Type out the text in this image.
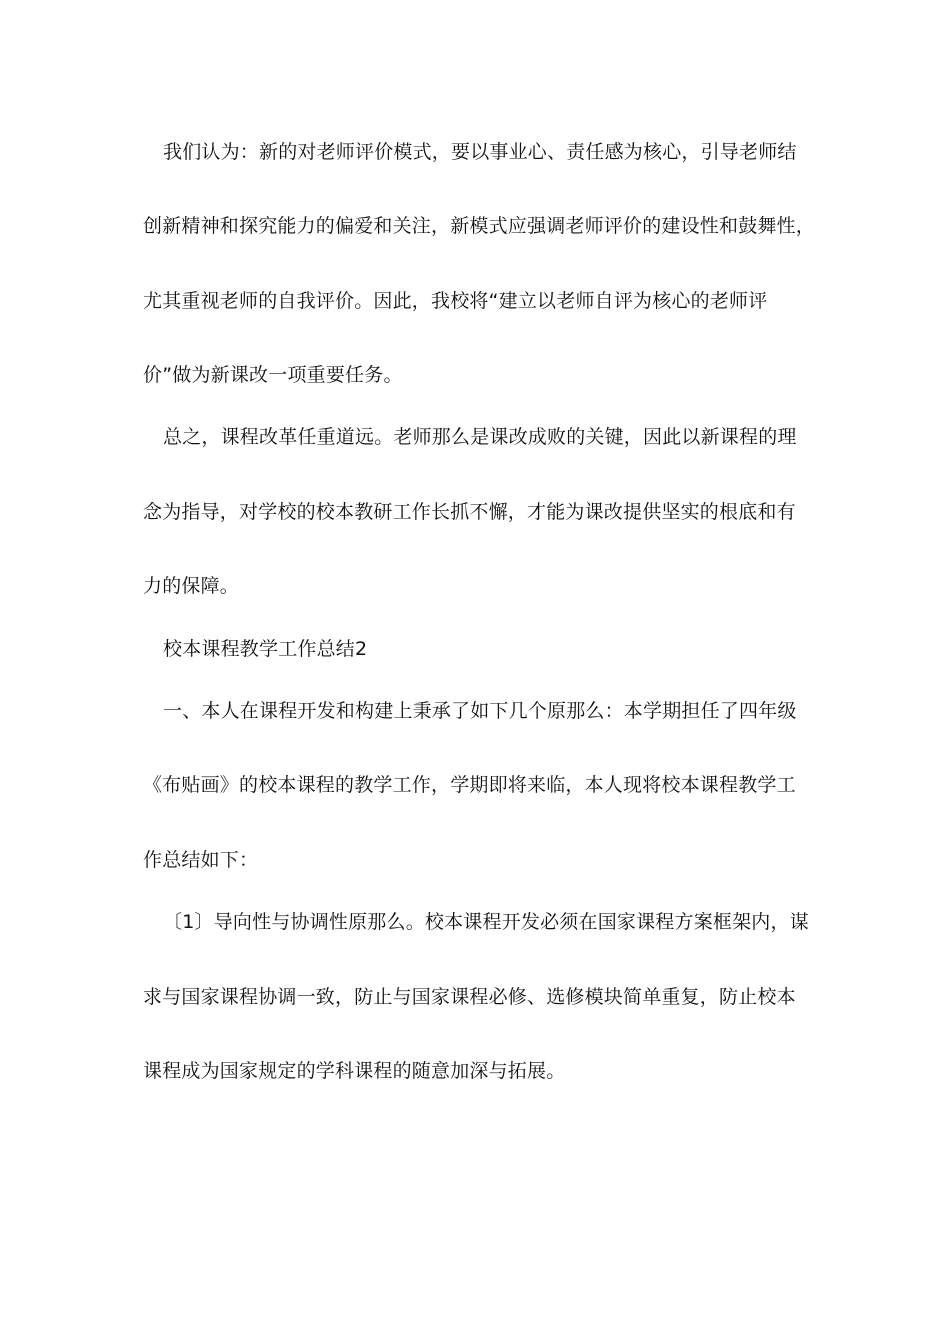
我们认为：新的对老师评价模式，要以事业心、责任感为核心，引导老师结
创新精神和探究能力的偏爱和关注，新模式应强调老师评价的建设性和鼓舞性，
尤其重视老师的自我评价。因此，我校将“建立以老师自评为核心的老师评
价”做为新课改一项重要任务。
总之，课程改革任重道远。老师那么是课改成败的关键，因此以新课程的理
念为指导，对学校的校本教研工作长抓不懈，才能为课改提供坚实的根底和有
力的保障。
校本课程教学工作总结2
一、本人在课程开发和构建上秉承了如下几个原那么：本学期担任了四年级
《布贴画》的校本课程的教学工作，学期即将来临，本人现将校本课程教学工
作总结如下：
〔1〕导向性与协调性原那么。校本课程开发必须在国家课程方案框架内，谋
求与国家课程协调一致，防止与国家课程必修、选修模块简单重复，防止校本
课程成为国家规定的学科课程的随意加深与拓展。
